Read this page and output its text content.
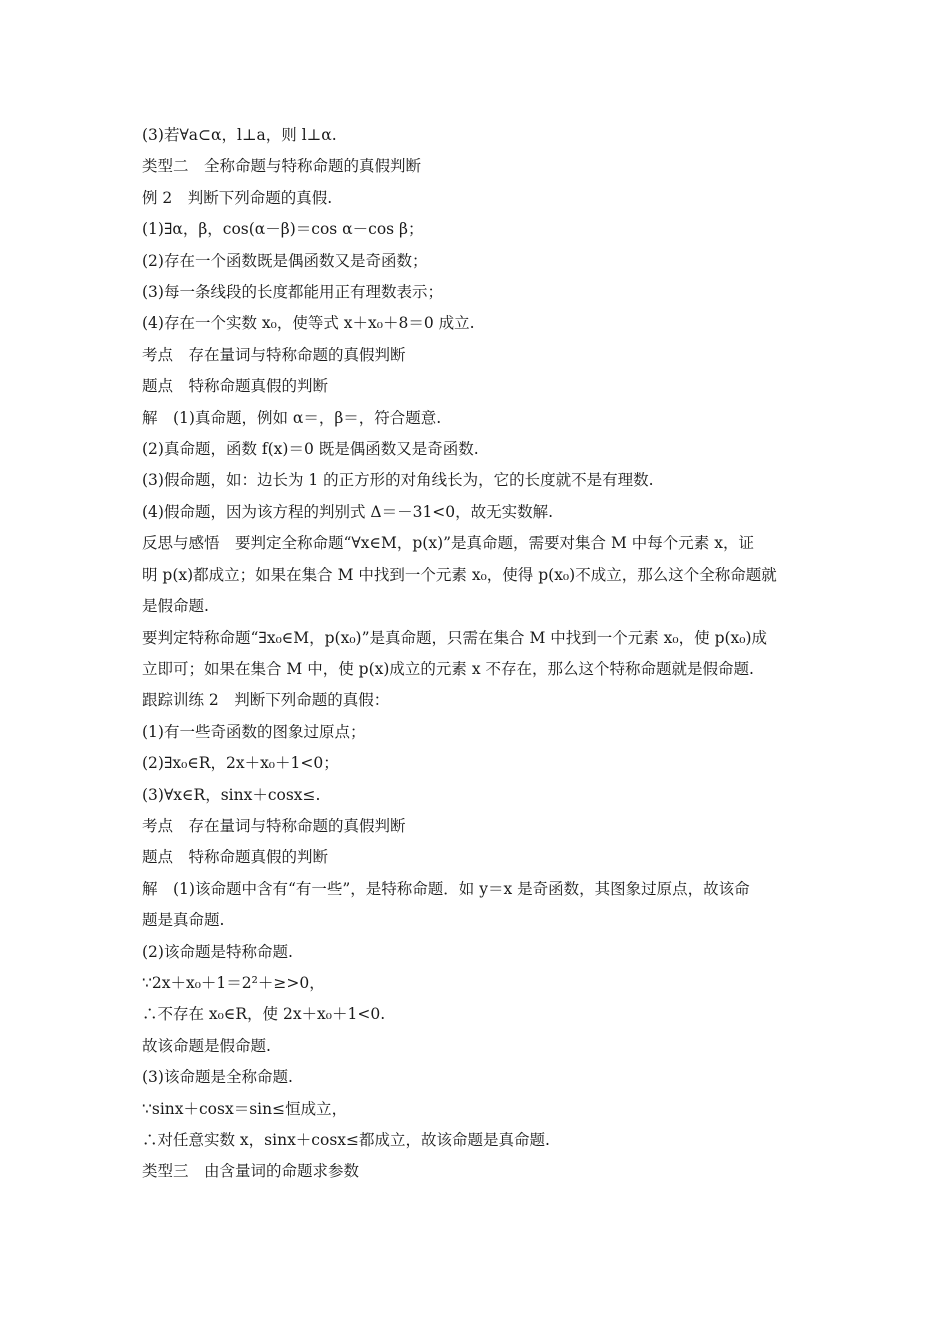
(3)若∀a⊂α，l⊥a，则 l⊥α.
类型二　全称命题与特称命题的真假判断
例 2　判断下列命题的真假.
(1)∃α，β，cos(α－β)＝cos α－cos β；
(2)存在一个函数既是偶函数又是奇函数；
(3)每一条线段的长度都能用正有理数表示；
(4)存在一个实数 x₀，使等式 x＋x₀＋8＝0 成立.
考点　存在量词与特称命题的真假判断
题点　特称命题真假的判断
解　(1)真命题，例如 α＝，β＝，符合题意.
(2)真命题，函数 f(x)＝0 既是偶函数又是奇函数.
(3)假命题，如：边长为 1 的正方形的对角线长为，它的长度就不是有理数.
(4)假命题，因为该方程的判别式 Δ＝－31<0，故无实数解.
反思与感悟　要判定全称命题“∀x∈M，p(x)”是真命题，需要对集合 M 中每个元素 x，证
明 p(x)都成立；如果在集合 M 中找到一个元素 x₀，使得 p(x₀)不成立，那么这个全称命题就
是假命题.
要判定特称命题“∃x₀∈M，p(x₀)”是真命题，只需在集合 M 中找到一个元素 x₀，使 p(x₀)成
立即可；如果在集合 M 中，使 p(x)成立的元素 x 不存在，那么这个特称命题就是假命题.
跟踪训练 2　判断下列命题的真假：
(1)有一些奇函数的图象过原点；
(2)∃x₀∈R，2x＋x₀＋1<0；
(3)∀x∈R，sinx＋cosx≤.
考点　存在量词与特称命题的真假判断
题点　特称命题真假的判断
解　(1)该命题中含有“有一些”，是特称命题．如 y＝x 是奇函数，其图象过原点，故该命
题是真命题.
(2)该命题是特称命题.
∵2x＋x₀＋1＝2²＋≥>0，
∴不存在 x₀∈R，使 2x＋x₀＋1<0.
故该命题是假命题.
(3)该命题是全称命题.
∵sinx＋cosx＝sin≤恒成立，
∴对任意实数 x，sinx＋cosx≤都成立，故该命题是真命题.
类型三　由含量词的命题求参数
